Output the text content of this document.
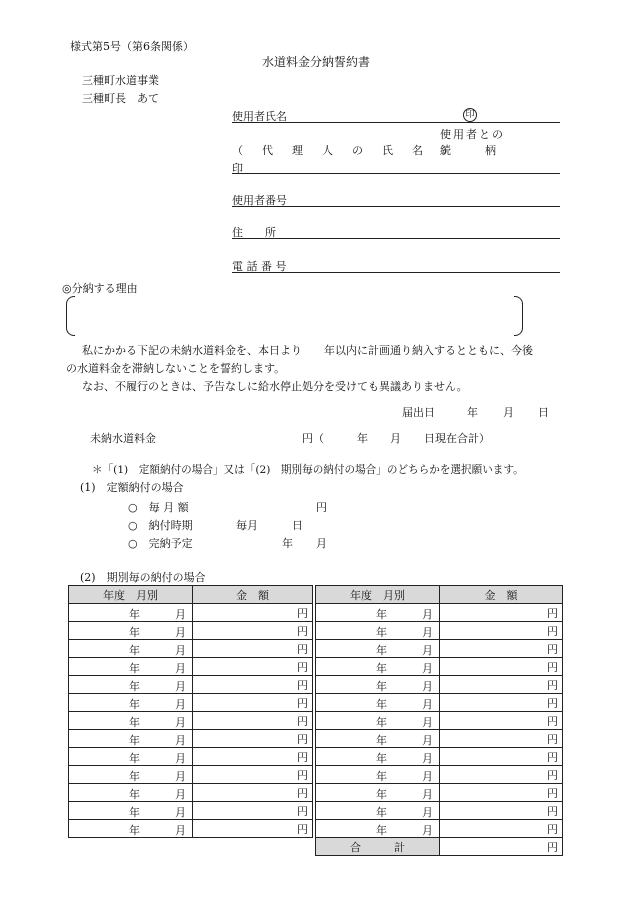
様式第5号（第6条関係）
水道料金分納誓約書
三種町水道事業
三種町長　あて
使用者氏名	印
使用者との
（　代　理　人　の　氏　名　）
続　　柄
印
使用者番号
住　　所
電 話 番 号
◎分納する理由
私にかかる下記の未納水道料金を、本日より　　年以内に計画通り納入するとともに、今後
の水道料金を滞納しないことを誓約します。
なお、不履行のときは、予告なしに給水停止処分を受けても異議ありません。
届出日	年 月 日
未納水道料金	円（	年 月 日現在合計）
＊「(1)　定額納付の場合」又は「(2)　期別毎の納付の場合」のどちらかを選択願います。
(1)　定額納付の場合
○　毎 月 額	円
○　納付時期	毎月	日
○　完納予定	年 月
(2)　期別毎の納付の場合
年度　月別	金　額

年 月	円

年 月	円

年 月	円

年 月	円

年 月	円

年 月	円

年 月	円

年 月	円

年 月	円

年 月	円

年 月	円

年 月	円

年 月	円
年度　月別	金　額

年 月	円

年 月	円

年 月	円

年 月	円

年 月	円

年 月	円

年 月	円

年 月	円

年 月	円

年 月	円

年 月	円

年 月	円

年 月	円
合　　　計	円
